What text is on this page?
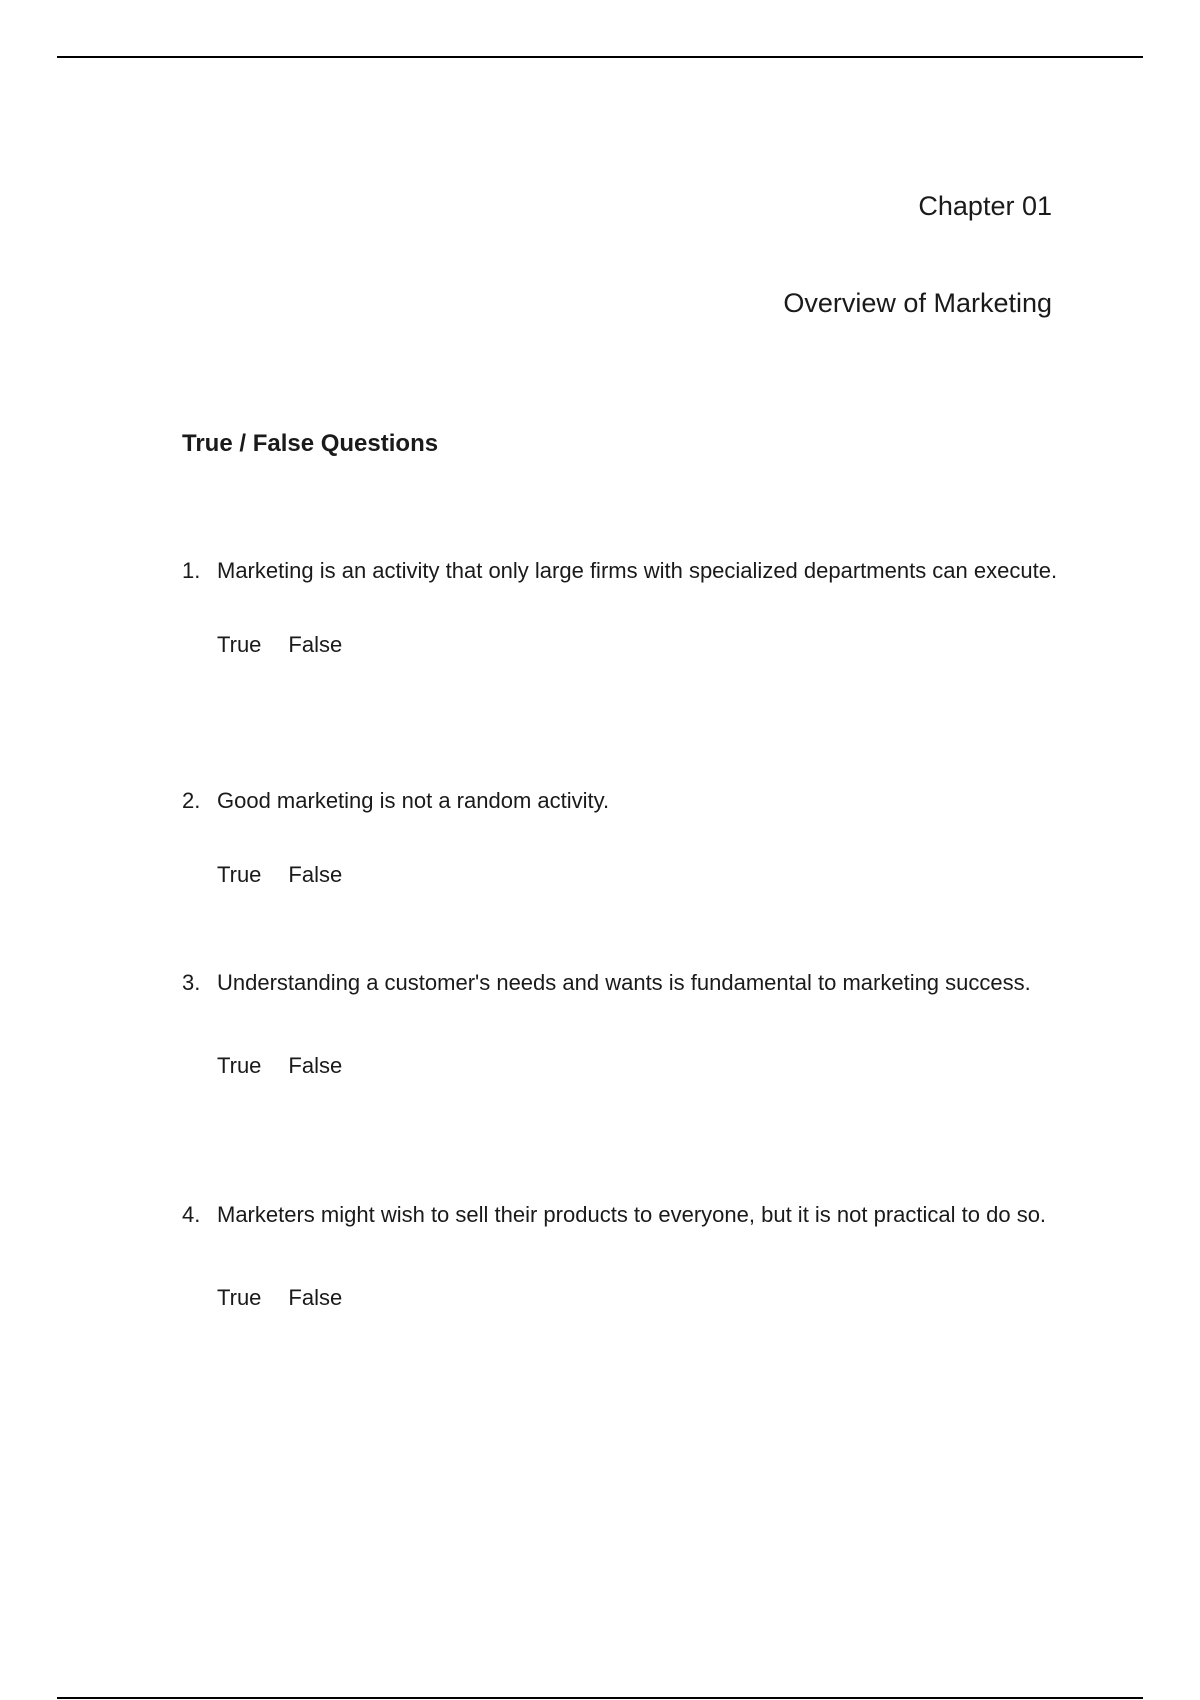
Chapter 01
Overview of Marketing
True / False Questions
1. Marketing is an activity that only large firms with specialized departments can execute.
True False
2. Good marketing is not a random activity.
True False
3. Understanding a customer's needs and wants is fundamental to marketing success.
True False
4. Marketers might wish to sell their products to everyone, but it is not practical to do so.
True False
